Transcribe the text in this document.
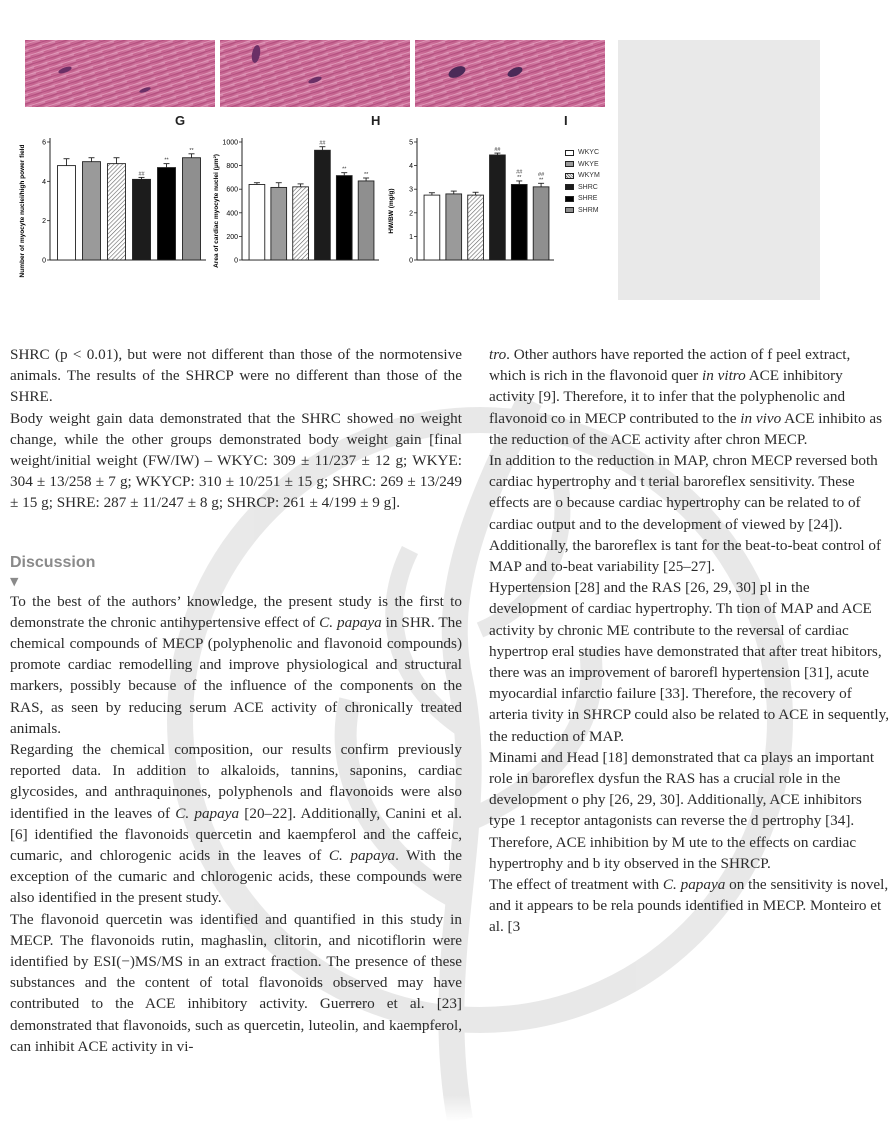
G	H	I
Number of myocyte nuclei/high power field 0
2
4
6
##
**
**
Area of cardiac myocyte nuclei (μm²) 0
200
400
600
800
1000	##
**
**
HW/BW (mg/g)
0
1
2
3
4
5
##
##
**
##
**
WKYC
WKYE
WKYM
SHRC
SHRE
SHRM

SHRC (p < 0.01), but were not different than those of the normotensive animals. The results of the SHRCP were no different than those of the SHRE.

Body weight gain data demonstrated that the SHRC showed no weight change, while the other groups demonstrated body weight gain [final weight/initial weight (FW/IW) – WKYC: 309 ± 11/237 ± 12 g; WKYE: 304 ± 13/258 ± 7 g; WKYCP: 310 ± 10/251 ± 15 g; SHRC: 269 ± 13/249 ± 15 g; SHRE: 287 ± 11/247 ± 8 g; SHRCP: 261 ± 4/199 ± 9 g].

Discussion
▼

To the best of the authors’ knowledge, the present study is the first to demonstrate the chronic antihypertensive effect of C. papaya in SHR. The chemical compounds of MECP (polyphenolic and flavonoid compounds) promote cardiac remodelling and improve physiological and structural markers, possibly because of the influence of the components on the RAS, as seen by reducing serum ACE activity of chronically treated animals.

Regarding the chemical composition, our results confirm previously reported data. In addition to alkaloids, tannins, saponins, cardiac glycosides, and anthraquinones, polyphenols and flavonoids were also identified in the leaves of C. papaya [20–22]. Additionally, Canini et al. [6] identified the flavonoids quercetin and kaempferol and the caffeic, cumaric, and chlorogenic acids in the leaves of C. papaya. With the exception of the cumaric and chlorogenic acids, these compounds were also identified in the present study.

The flavonoid quercetin was identified and quantified in this study in MECP. The flavonoids rutin, maghaslin, clitorin, and nicotiflorin were identified by ESI(−)MS/MS in an extract fraction. The presence of these substances and the content of total flavonoids observed may have contributed to the ACE inhibitory activity. Guerrero et al. [23] demonstrated that flavonoids, such as quercetin, luteolin, and kaempferol, can inhibit ACE activity in vi-

tro. Other authors have reported the action of f peel extract, which is rich in the flavonoid quer in vitro ACE inhibitory activity [9]. Therefore, it to infer that the polyphenolic and flavonoid co in MECP contributed to the in vivo ACE inhibito as the reduction of the ACE activity after chron MECP.

In addition to the reduction in MAP, chron MECP reversed both cardiac hypertrophy and t terial baroreflex sensitivity. These effects are o because cardiac hypertrophy can be related to of cardiac output and to the development of viewed by [24]). Additionally, the baroreflex is tant for the beat-to-beat control of MAP and to-beat variability [25–27].

Hypertension [28] and the RAS [26, 29, 30] pl in the development of cardiac hypertrophy. Th tion of MAP and ACE activity by chronic ME contribute to the reversal of cardiac hypertrop eral studies have demonstrated that after treat hibitors, there was an improvement of barorefl hypertension [31], acute myocardial infarctio failure [33]. Therefore, the recovery of arteria tivity in SHRCP could also be related to ACE in sequently, the reduction of MAP.

Minami and Head [18] demonstrated that ca plays an important role in baroreflex dysfun the RAS has a crucial role in the development o phy [26, 29, 30]. Additionally, ACE inhibitors type 1 receptor antagonists can reverse the d pertrophy [34]. Therefore, ACE inhibition by M ute to the effects on cardiac hypertrophy and b ity observed in the SHRCP.

The effect of treatment with C. papaya on the sensitivity is novel, and it appears to be rela pounds identified in MECP. Monteiro et al. [3
